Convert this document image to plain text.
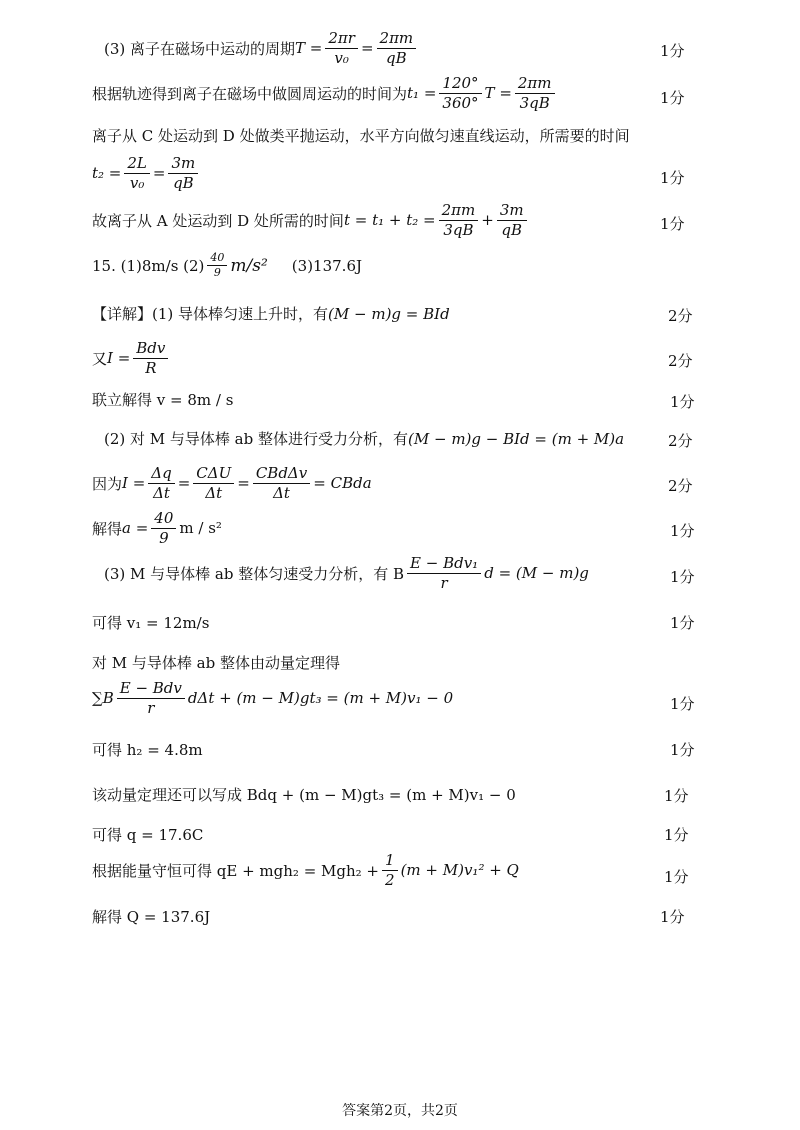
(3) 离子在磁场中运动的周期 $T = \frac{2\pi r}{\text{v₀}} = \frac{2\pi m}{qB}$	1分
根据轨迹得到离子在磁场中做圆周运动的时间为 $t_1 = \frac{120^\circ}{360^\circ}$ $T = \frac{2\pi m}{3qB}$	1分
离子从 C 处运动到 D 处做类平抛运动，水平方向做匀速直线运动，所需要的时间
$t_2 = \frac{2L}{\text{v₀}} = \frac{3m}{qB}$	1分
故离子从 A 处运动到 D 处所需的时间 $t = t_1 + t_2 = \frac{2\pi m}{3qB} + \frac{3m}{qB}$	1分
15. (1)8m/s $(2) \frac{40}{9} m/s^2$ (3)137.6J
【详解】(1) 导体棒匀速上升时，有 (M − m)g = BId	2分
又 $I = \frac{\text{Bdv}}{R}$	2分
联立解得 v = 8m / s	1分
(2) 对 M 与导体棒 ab 整体进行受力分析，有 (M − m)g − BId = (m + M)a	2分
因为 $I = \frac{\Delta q}{\Delta t} = \frac{\text{CΔU}}{\Delta t} = \frac{\text{CBdΔv}}{\Delta t}$ = CBda	2分
解得 $a = \frac{40}{9}$ m / s²	1分
(3) M 与导体棒 ab 整体匀速受力分析，有 B $\frac{\text{E − Bdv₁}}{r}$ d = (M − m)g	1分
可得 v₁ = 12m/s	1分
对 M 与导体棒 ab 整体由动量定理得
$\sum B \frac{\text{E − Bdv}}{r}$ dΔt + (m − M)gt₃ = (m + M)v₁ − 0	1分
可得 h₂ = 4.8m	1分
该动量定理还可以写成 Bdq + (m − M)gt₃ = (m + M)v₁ − 0	1分
可得 q = 17.6C	1分
根据能量守恒可得 qE + $mgh_2 = Mgh_2 + \frac{1}{2} (m + M)v_1^2 + Q$	1分
解得 Q = 137.6J	1分
答案第2页，共2页
